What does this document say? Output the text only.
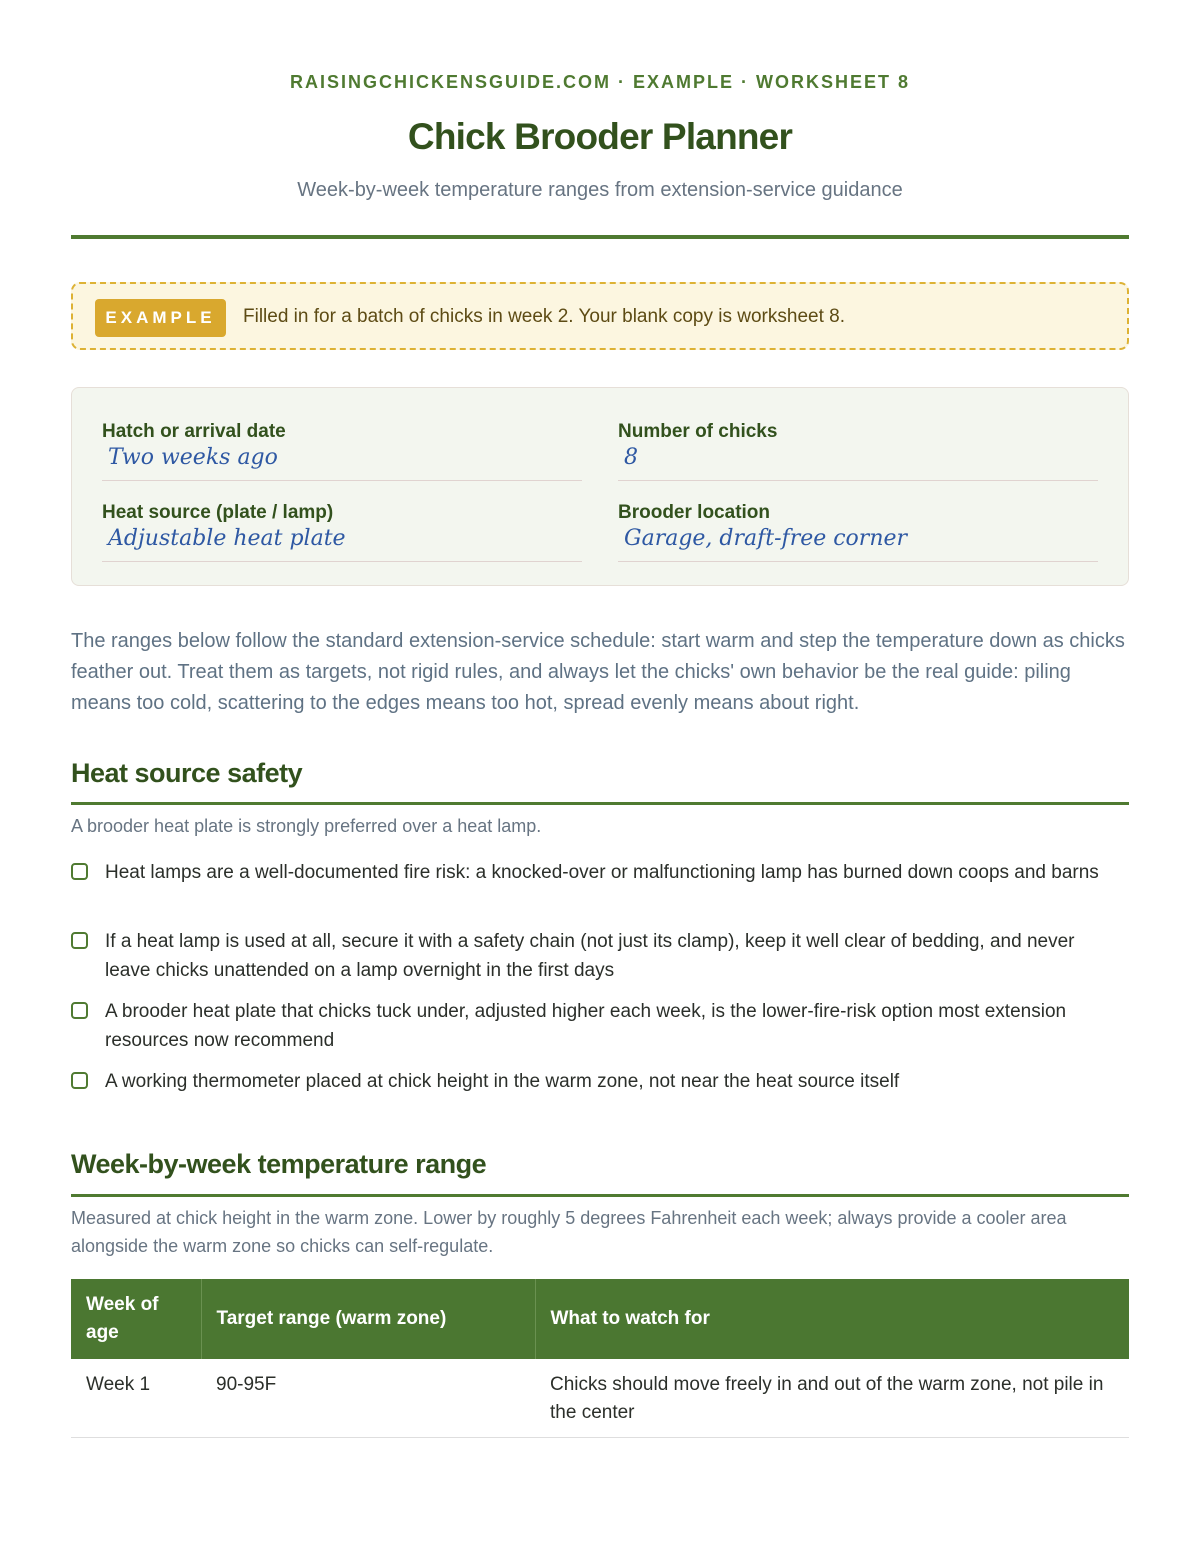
RAISINGCHICKENSGUIDE.COM · EXAMPLE · WORKSHEET 8
Chick Brooder Planner
Week-by-week temperature ranges from extension-service guidance
EXAMPLE	Filled in for a batch of chicks in week 2. Your blank copy is worksheet 8.
Hatch or arrival date
Two weeks ago
Number of chicks
8
Heat source (plate / lamp)
Adjustable heat plate
Brooder location
Garage, draft-free corner

The ranges below follow the standard extension-service schedule: start warm and step the temperature down as chicks feather out. Treat them as targets, not rigid rules, and always let the chicks' own behavior be the real guide: piling means too cold, scattering to the edges means too hot, spread evenly means about right.

Heat source safety

A brooder heat plate is strongly preferred over a heat lamp.

Heat lamps are a well-documented fire risk: a knocked-over or malfunctioning lamp has burned down coops and barns
If a heat lamp is used at all, secure it with a safety chain (not just its clamp), keep it well clear of bedding, and never leave chicks unattended on a lamp overnight in the first days
A brooder heat plate that chicks tuck under, adjusted higher each week, is the lower-fire-risk option most extension resources now recommend
A working thermometer placed at chick height in the warm zone, not near the heat source itself
Week-by-week temperature range

Measured at chick height in the warm zone. Lower by roughly 5 degrees Fahrenheit each week; always provide a cooler area alongside the warm zone so chicks can self-regulate.

Week of age	Target range (warm zone)	What to watch for
Week 1	90-95F	Chicks should move freely in and out of the warm zone, not pile in the center
